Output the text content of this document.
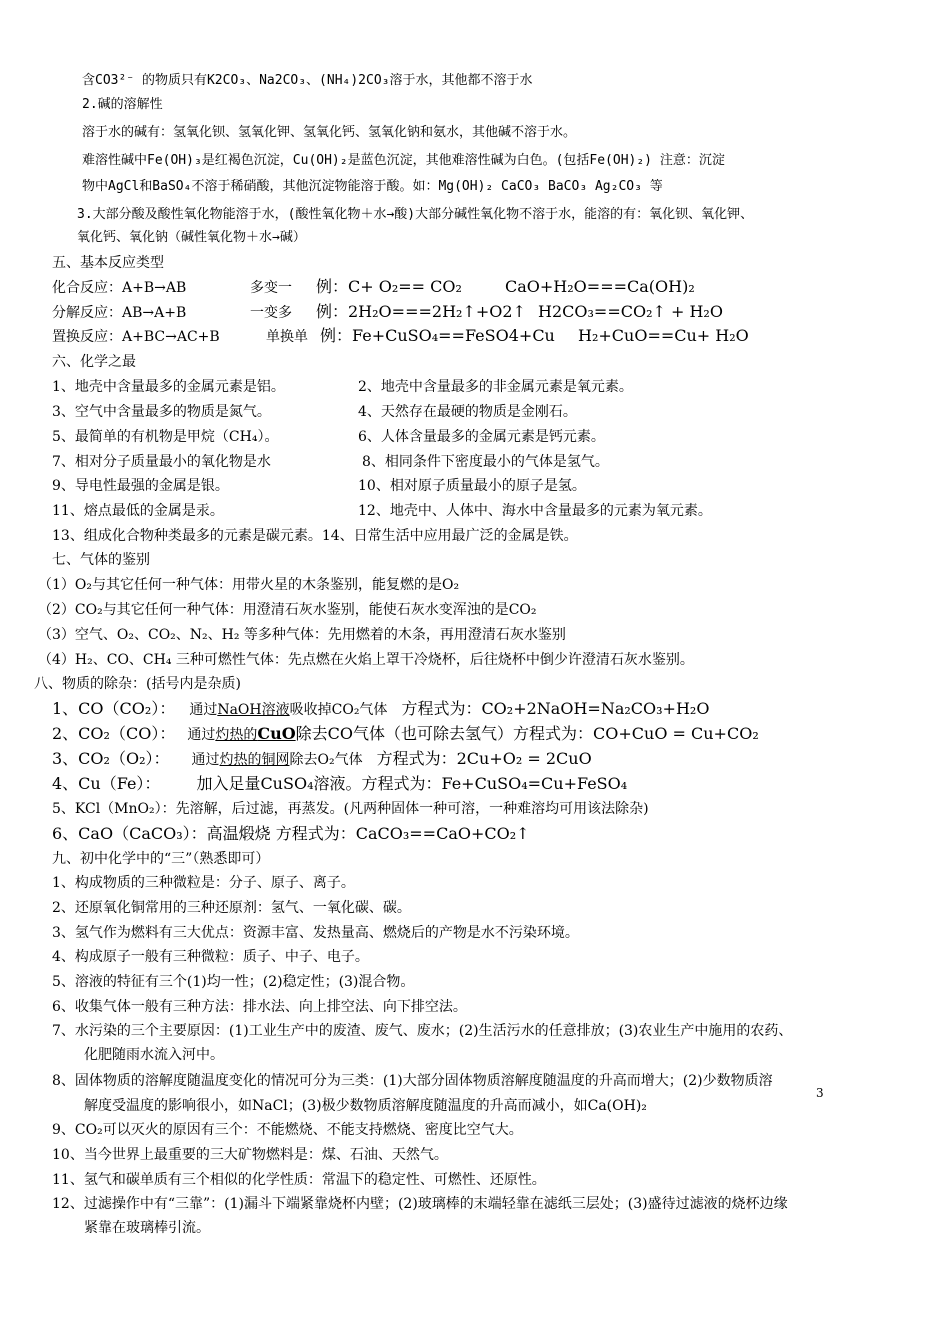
含CO3²⁻ 的物质只有K2CO₃、Na2CO₃、(NH₄)2CO₃溶于水，其他都不溶于水
2.碱的溶解性
溶于水的碱有：氢氧化钡、氢氧化钾、氢氧化钙、氢氧化钠和氨水，其他碱不溶于水。
难溶性碱中Fe(OH)₃是红褐色沉淀，Cu(OH)₂是蓝色沉淀，其他难溶性碱为白色。(包括Fe(OH)₂) 注意：沉淀
物中AgCl和BaSO₄不溶于稀硝酸，其他沉淀物能溶于酸。如：Mg(OH)₂ CaCO₃ BaCO₃ Ag₂CO₃ 等
3.大部分酸及酸性氧化物能溶于水，(酸性氧化物＋水→酸)大部分碱性氧化物不溶于水，能溶的有：氧化钡、氧化钾、
氧化钙、氧化钠（碱性氧化物＋水→碱）
五、基本反应类型
化合反应：A+B→AB	多变一 例：C+ O₂== CO₂	CaO+H₂O===Ca(OH)₂
分解反应：AB→A+B	一变多 例：2H₂O===2H₂↑+O2↑ H2CO₃==CO₂↑ + H₂O
置换反应：A+BC→AC+B	单换单 例：Fe+CuSO₄==FeSO4+Cu H₂+CuO==Cu+ H₂O
六、化学之最
1、地壳中含量最多的金属元素是铝。	2、地壳中含量最多的非金属元素是氧元素。
3、空气中含量最多的物质是氮气。	4、天然存在最硬的物质是金刚石。
5、最简单的有机物是甲烷（CH₄）。	6、人体含量最多的金属元素是钙元素。
7、相对分子质量最小的氧化物是水	8、相同条件下密度最小的气体是氢气。
9、导电性最强的金属是银。	10、相对原子质量最小的原子是氢。
11、熔点最低的金属是汞。	12、地壳中、人体中、海水中含量最多的元素为氧元素。
13、组成化合物种类最多的元素是碳元素。14、日常生活中应用最广泛的金属是铁。
七、气体的鉴别
（1）O₂与其它任何一种气体：用带火星的木条鉴别，能复燃的是O₂
（2）CO₂与其它任何一种气体：用澄清石灰水鉴别，能使石灰水变浑浊的是CO₂
（3）空气、O₂、CO₂、N₂、H₂ 等多种气体：先用燃着的木条，再用澄清石灰水鉴别
（4）H₂、CO、CH₄ 三种可燃性气体：先点燃在火焰上罩干冷烧杯，后往烧杯中倒少许澄清石灰水鉴别。
八、物质的除杂：(括号内是杂质)
1、CO（CO₂）： 通过NaOH溶液吸收掉CO₂气体 方程式为：CO₂+2NaOH=Na₂CO₃+H₂O
2、CO₂（CO）： 通过灼热的CuO除去CO气体（也可除去氢气）方程式为：CO+CuO = Cu+CO₂
3、CO₂（O₂）： 通过灼热的铜网除去O₂气体 方程式为：2Cu+O₂ = 2CuO
4、Cu（Fe）： 加入足量CuSO₄溶液。方程式为：Fe+CuSO₄=Cu+FeSO₄
5、KCl（MnO₂）：先溶解，后过滤，再蒸发。(凡两种固体一种可溶，一种难溶均可用该法除杂)
6、CaO（CaCO₃）：高温煅烧 方程式为：CaCO₃==CaO+CO₂↑
九、初中化学中的“三”（熟悉即可）
1、构成物质的三种微粒是：分子、原子、离子。
2、还原氧化铜常用的三种还原剂：氢气、一氧化碳、碳。
3、氢气作为燃料有三大优点：资源丰富、发热量高、燃烧后的产物是水不污染环境。
4、构成原子一般有三种微粒：质子、中子、电子。
5、溶液的特征有三个(1)均一性；(2)稳定性；(3)混合物。
6、收集气体一般有三种方法：排水法、向上排空法、向下排空法。
7、水污染的三个主要原因：(1)工业生产中的废渣、废气、废水；(2)生活污水的任意排放；(3)农业生产中施用的农药、
化肥随雨水流入河中。
8、固体物质的溶解度随温度变化的情况可分为三类：(1)大部分固体物质溶解度随温度的升高而增大；(2)少数物质溶
解度受温度的影响很小，如NaCl；(3)极少数物质溶解度随温度的升高而减小，如Ca(OH)₂
9、CO₂可以灭火的原因有三个：不能燃烧、不能支持燃烧、密度比空气大。
10、当今世界上最重要的三大矿物燃料是：煤、石油、天然气。
11、氢气和碳单质有三个相似的化学性质：常温下的稳定性、可燃性、还原性。
12、过滤操作中有“三靠”：(1)漏斗下端紧靠烧杯内壁；(2)玻璃棒的末端轻靠在滤纸三层处；(3)盛待过滤液的烧杯边缘
紧靠在玻璃棒引流。
3
